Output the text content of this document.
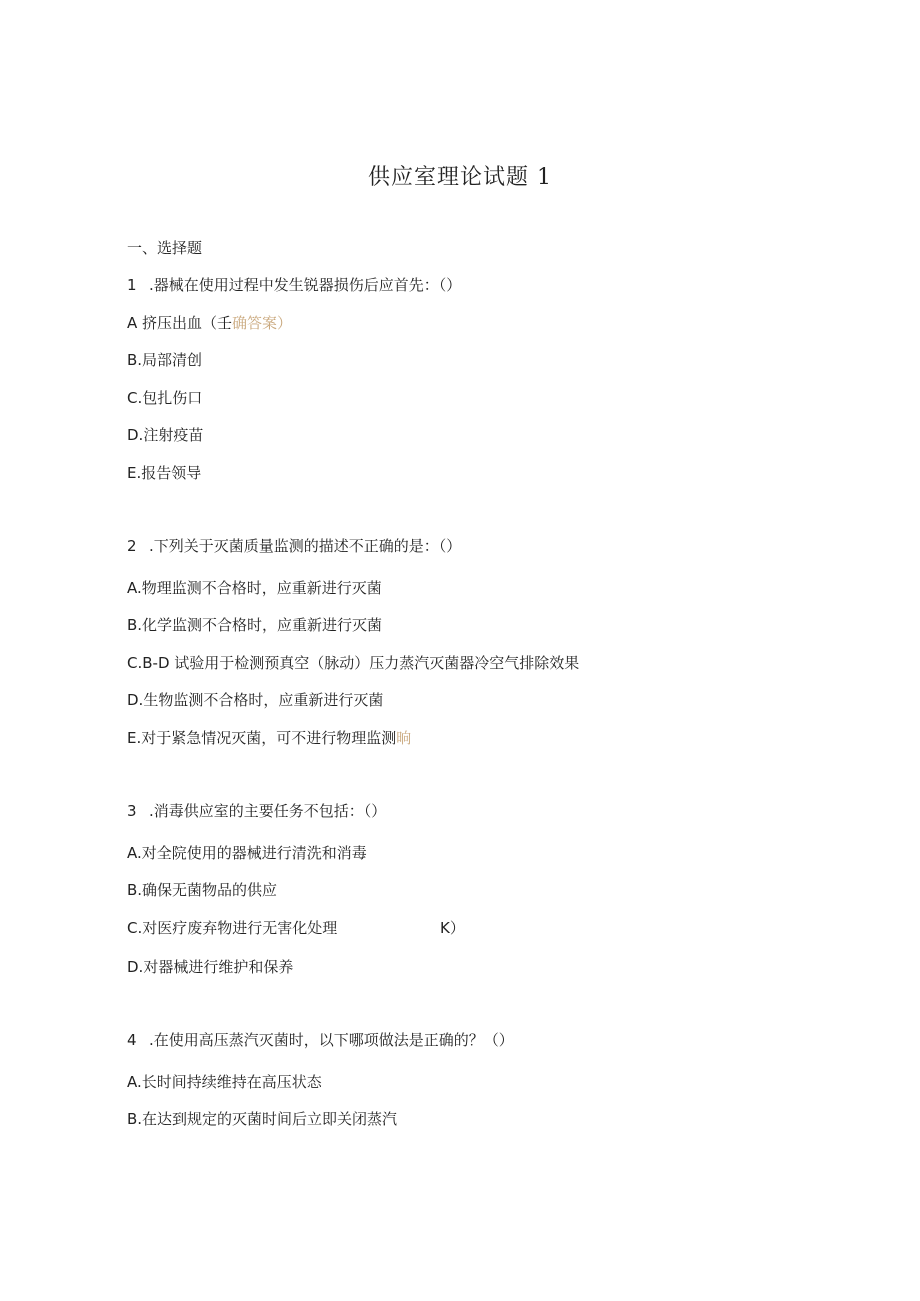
供应室理论试题 1
一、选择题
1 .器械在使用过程中发生锐器损伤后应首先：（）
A 挤压出血（壬确答案）
B.局部清创
C.包扎伤口
D.注射疫苗
E.报告领导
2 .下列关于灭菌质量监测的描述不正确的是：（）
A.物理监测不合格时，应重新进行灭菌
B.化学监测不合格时，应重新进行灭菌
C.B-D 试验用于检测预真空（脉动）压力蒸汽灭菌器冷空气排除效果
D.生物监测不合格时，应重新进行灭菌
E.对于紧急情况灭菌，可不进行物理监测晌
3 .消毒供应室的主要任务不包括：（）
A.对全院使用的器械进行清洗和消毒
B.确保无菌物品的供应
C.对医疗废弃物进行无害化处理	K）
D.对器械进行维护和保养
4 .在使用高压蒸汽灭菌时，以下哪项做法是正确的？（）
A.长时间持续维持在高压状态
B.在达到规定的灭菌时间后立即关闭蒸汽
